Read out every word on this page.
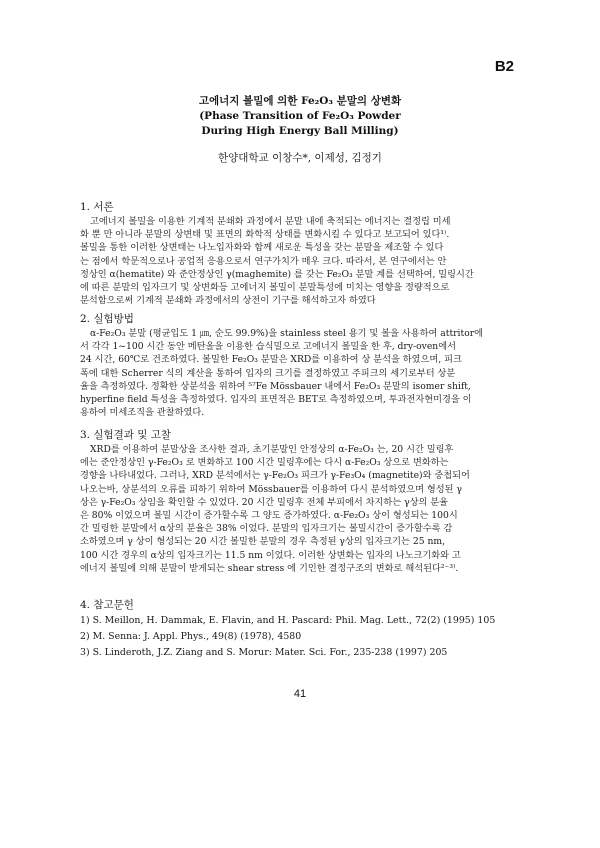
B2
고에너지 볼밀에 의한 Fe₂O₃ 분말의 상변화
(Phase Transition of Fe₂O₃ Powder
During High Energy Ball Milling)
한양대학교 이창수*, 이제성, 김정기
1. 서론
고에너지 볼밀을 이용한 기계적 분쇄화 과정에서 분말 내에 축적되는 에너지는 결정립 미세
화 뿐 만 아니라 분말의 상변태 및 표면의 화학적 상태를 변화시킬 수 있다고 보고되어 있다¹⁾.
볼밀을 통한 이러한 상변태는 나노입자화와 함께 새로운 특성을 갖는 분말을 제조할 수 있다
는 점에서 학문적으로나 공업적 응용으로서 연구가치가 매우 크다. 따라서, 본 연구에서는 안
정상인 α(hematite) 와 준안정상인 γ(maghemite) 를 갖는 Fe₂O₃ 분말 계를 선택하여, 밀링시간
에 따른 분말의 입자크기 및 상변화등 고에너지 볼밀이 분말특성에 미치는 영향을 정량적으로
분석함으로써 기계적 분쇄화 과정에서의 상전이 기구를 해석하고자 하였다
2. 실험방법
α-Fe₂O₃ 분말 (평균입도 1 ㎛, 순도 99.9%)을 stainless steel 용기 및 볼을 사용하여 attritor에
서 각각 1~100 시간 동안 메탄올을 이용한 습식밀으로 고에너지 볼밀을 한 후, dry-oven에서
24 시간, 60℃로 건조하였다. 볼밀한 Fe₂O₃ 분말은 XRD를 이용하여 상 분석을 하였으며, 피크
폭에 대한 Scherrer 식의 계산을 통하여 입자의 크기를 결정하였고 주피크의 세기로부터 상분
율을 측정하였다. 정확한 상분석을 위하여 ⁵⁷Fe Mössbauer 내에서 Fe₂O₃ 분말의 isomer shift,
hyperfine field 특성을 측정하였다. 입자의 표면적은 BET로 측정하였으며, 투과전자현미경을 이
용하여 미세조직을 관찰하였다.
3. 실험결과 및 고찰
XRD를 이용하여 분말상을 조사한 결과, 초기분말인 안정상의 α-Fe₂O₃ 는, 20 시간 밀링후
에는 준안정상인 γ-Fe₂O₃ 로 변화하고 100 시간 밀링후에는 다시 α-Fe₂O₃ 상으로 변화하는
경향을 나타내었다. 그러나, XRD 분석에서는 γ-Fe₂O₃ 피크가 γ-Fe₃O₄ (magnetite)와 중첩되어
나오는바, 상분석의 오류를 피하기 위하여 Mössbauer를 이용하여 다시 분석하였으며 형성된 γ
상은 γ-Fe₂O₃ 상임을 확인할 수 있었다. 20 시간 밀링후 전체 부피에서 차지하는 γ상의 분율
은 80% 이었으며 볼밀 시간이 증가할수록 그 양도 증가하였다. α-Fe₂O₃ 상이 형성되는 100시
간 밀링한 분말에서 α상의 분율은 38% 이었다. 분말의 입자크기는 볼밀시간이 증가할수록 감
소하였으며 γ 상이 형성되는 20 시간 볼밀한 분말의 경우 측정된 γ상의 입자크기는 25 nm,
100 시간 경우의 α상의 입자크기는 11.5 nm 이었다. 이러한 상변화는 입자의 나노크기화와 고
에너지 볼밀에 의해 분말이 받게되는 shear stress 에 기인한 결정구조의 변화로 해석된다²⁻³⁾.
4. 참고문헌
1) S. Meillon, H. Dammak, E. Flavin, and H. Pascard: Phil. Mag. Lett., 72(2) (1995) 105
2) M. Senna: J. Appl. Phys., 49(8) (1978), 4580
3) S. Linderoth, J.Z. Ziang and S. Morur: Mater. Sci. For., 235-238 (1997) 205
41
